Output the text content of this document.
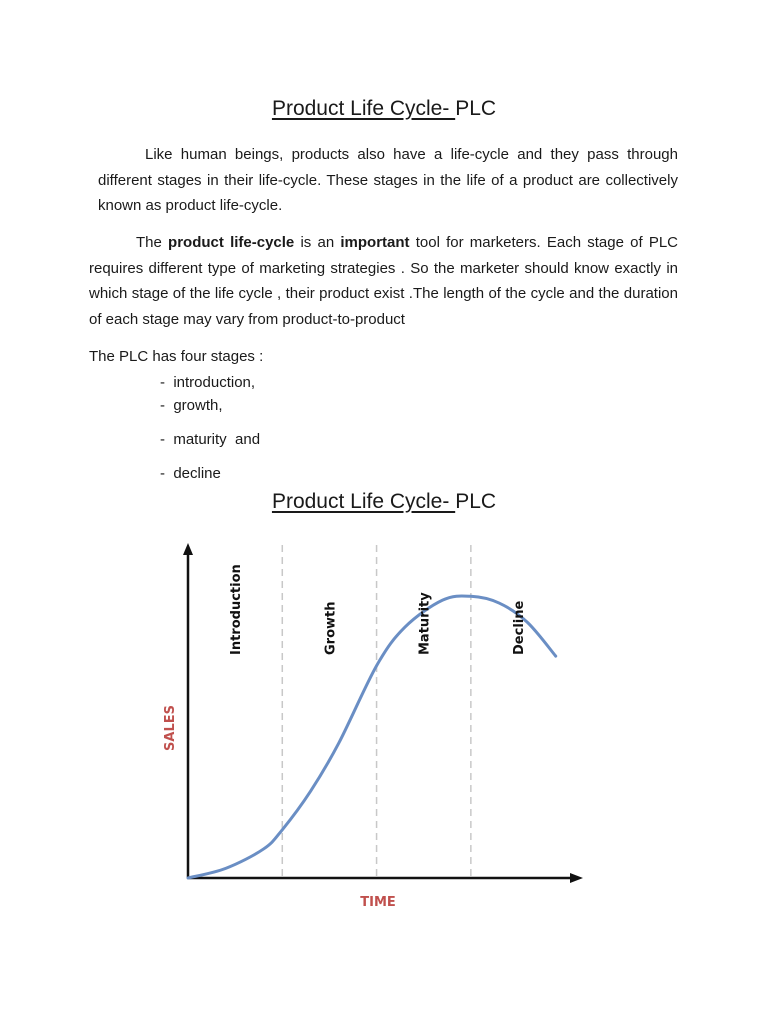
Product Life Cycle- PLC

Like human beings, products also have a life-cycle and they pass through different stages in their life-cycle. These stages in the life of a product are collectively known as product life-cycle.

The product life-cycle is an important tool for marketers. Each stage of PLC requires different type of marketing strategies . So the marketer should know exactly in which stage of the life cycle , their product exist .The length of the cycle and the duration of each stage may vary from product-to-product

The PLC has four stages :

-  introduction,

-  growth,

-  maturity  and

-  decline

Product Life Cycle- PLC
Introduction	Growth	Maturity	Decline
SALES
TIME
